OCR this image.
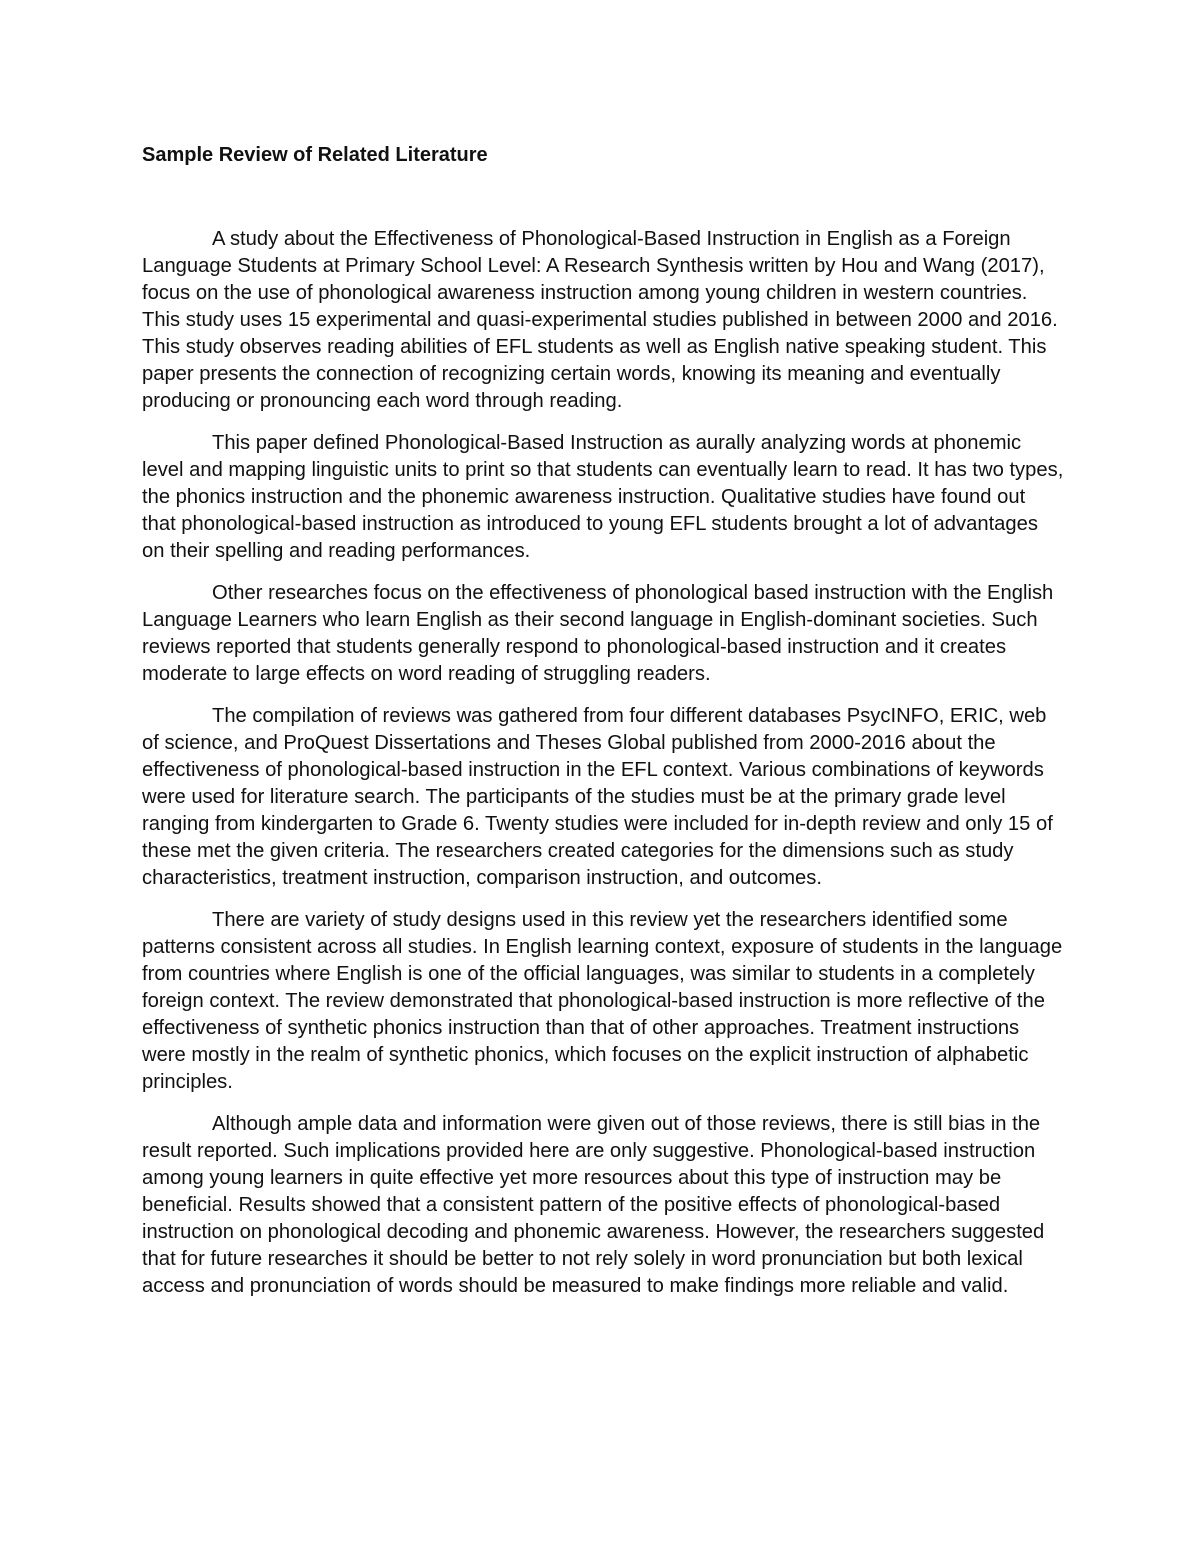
Sample Review of Related Literature

A study about the Effectiveness of Phonological-Based Instruction in English as a Foreign Language Students at Primary School Level: A Research Synthesis written by Hou and Wang (2017), focus on the use of phonological awareness instruction among young children in western countries. This study uses 15 experimental and quasi-experimental studies published in between 2000 and 2016. This study observes reading abilities of EFL students as well as English native speaking student. This paper presents the connection of recognizing certain words, knowing its meaning and eventually producing or pronouncing each word through reading.

This paper defined Phonological-Based Instruction as aurally analyzing words at phonemic level and mapping linguistic units to print so that students can eventually learn to read. It has two types, the phonics instruction and the phonemic awareness instruction. Qualitative studies have found out that phonological-based instruction as introduced to young EFL students brought a lot of advantages on their spelling and reading performances.

Other researches focus on the effectiveness of phonological based instruction with the English Language Learners who learn English as their second language in English-dominant societies. Such reviews reported that students generally respond to phonological-based instruction and it creates moderate to large effects on word reading of struggling readers.

The compilation of reviews was gathered from four different databases PsycINFO, ERIC, web of science, and ProQuest Dissertations and Theses Global published from 2000-2016 about the effectiveness of phonological-based instruction in the EFL context. Various combinations of keywords were used for literature search. The participants of the studies must be at the primary grade level ranging from kindergarten to Grade 6. Twenty studies were included for in-depth review and only 15 of these met the given criteria. The researchers created categories for the dimensions such as study characteristics, treatment instruction, comparison instruction, and outcomes.

There are variety of study designs used in this review yet the researchers identified some patterns consistent across all studies. In English learning context, exposure of students in the language from countries where English is one of the official languages, was similar to students in a completely foreign context. The review demonstrated that phonological-based instruction is more reflective of the effectiveness of synthetic phonics instruction than that of other approaches. Treatment instructions were mostly in the realm of synthetic phonics, which focuses on the explicit instruction of alphabetic principles.

Although ample data and information were given out of those reviews, there is still bias in the result reported. Such implications provided here are only suggestive. Phonological-based instruction among young learners in quite effective yet more resources about this type of instruction may be beneficial. Results showed that a consistent pattern of the positive effects of phonological-based instruction on phonological decoding and phonemic awareness. However, the researchers suggested that for future researches it should be better to not rely solely in word pronunciation but both lexical access and pronunciation of words should be measured to make findings more reliable and valid.
